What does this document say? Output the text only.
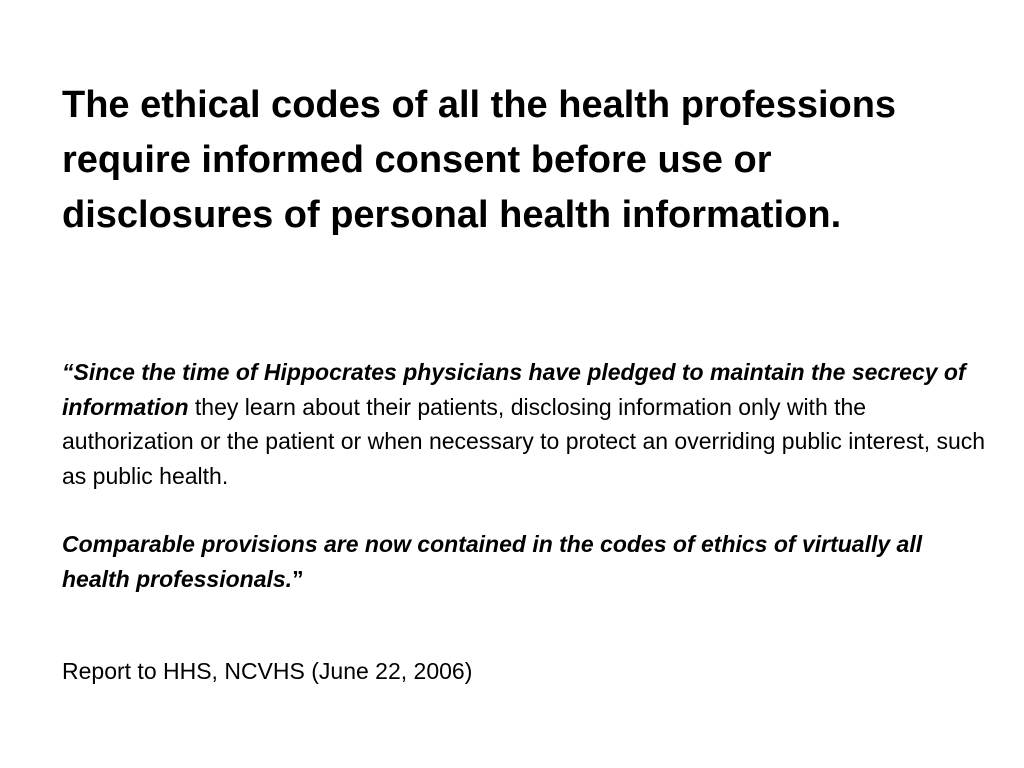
The ethical codes of all the health professions require informed consent before use or disclosures of personal health information.

“Since the time of Hippocrates physicians have pledged to maintain the secrecy of information they learn about their patients, disclosing information only with the authorization or the patient or when necessary to protect an overriding public interest, such as public health.

Comparable provisions are now contained in the codes of ethics of virtually all health professionals.”

Report to HHS, NCVHS (June 22, 2006)
